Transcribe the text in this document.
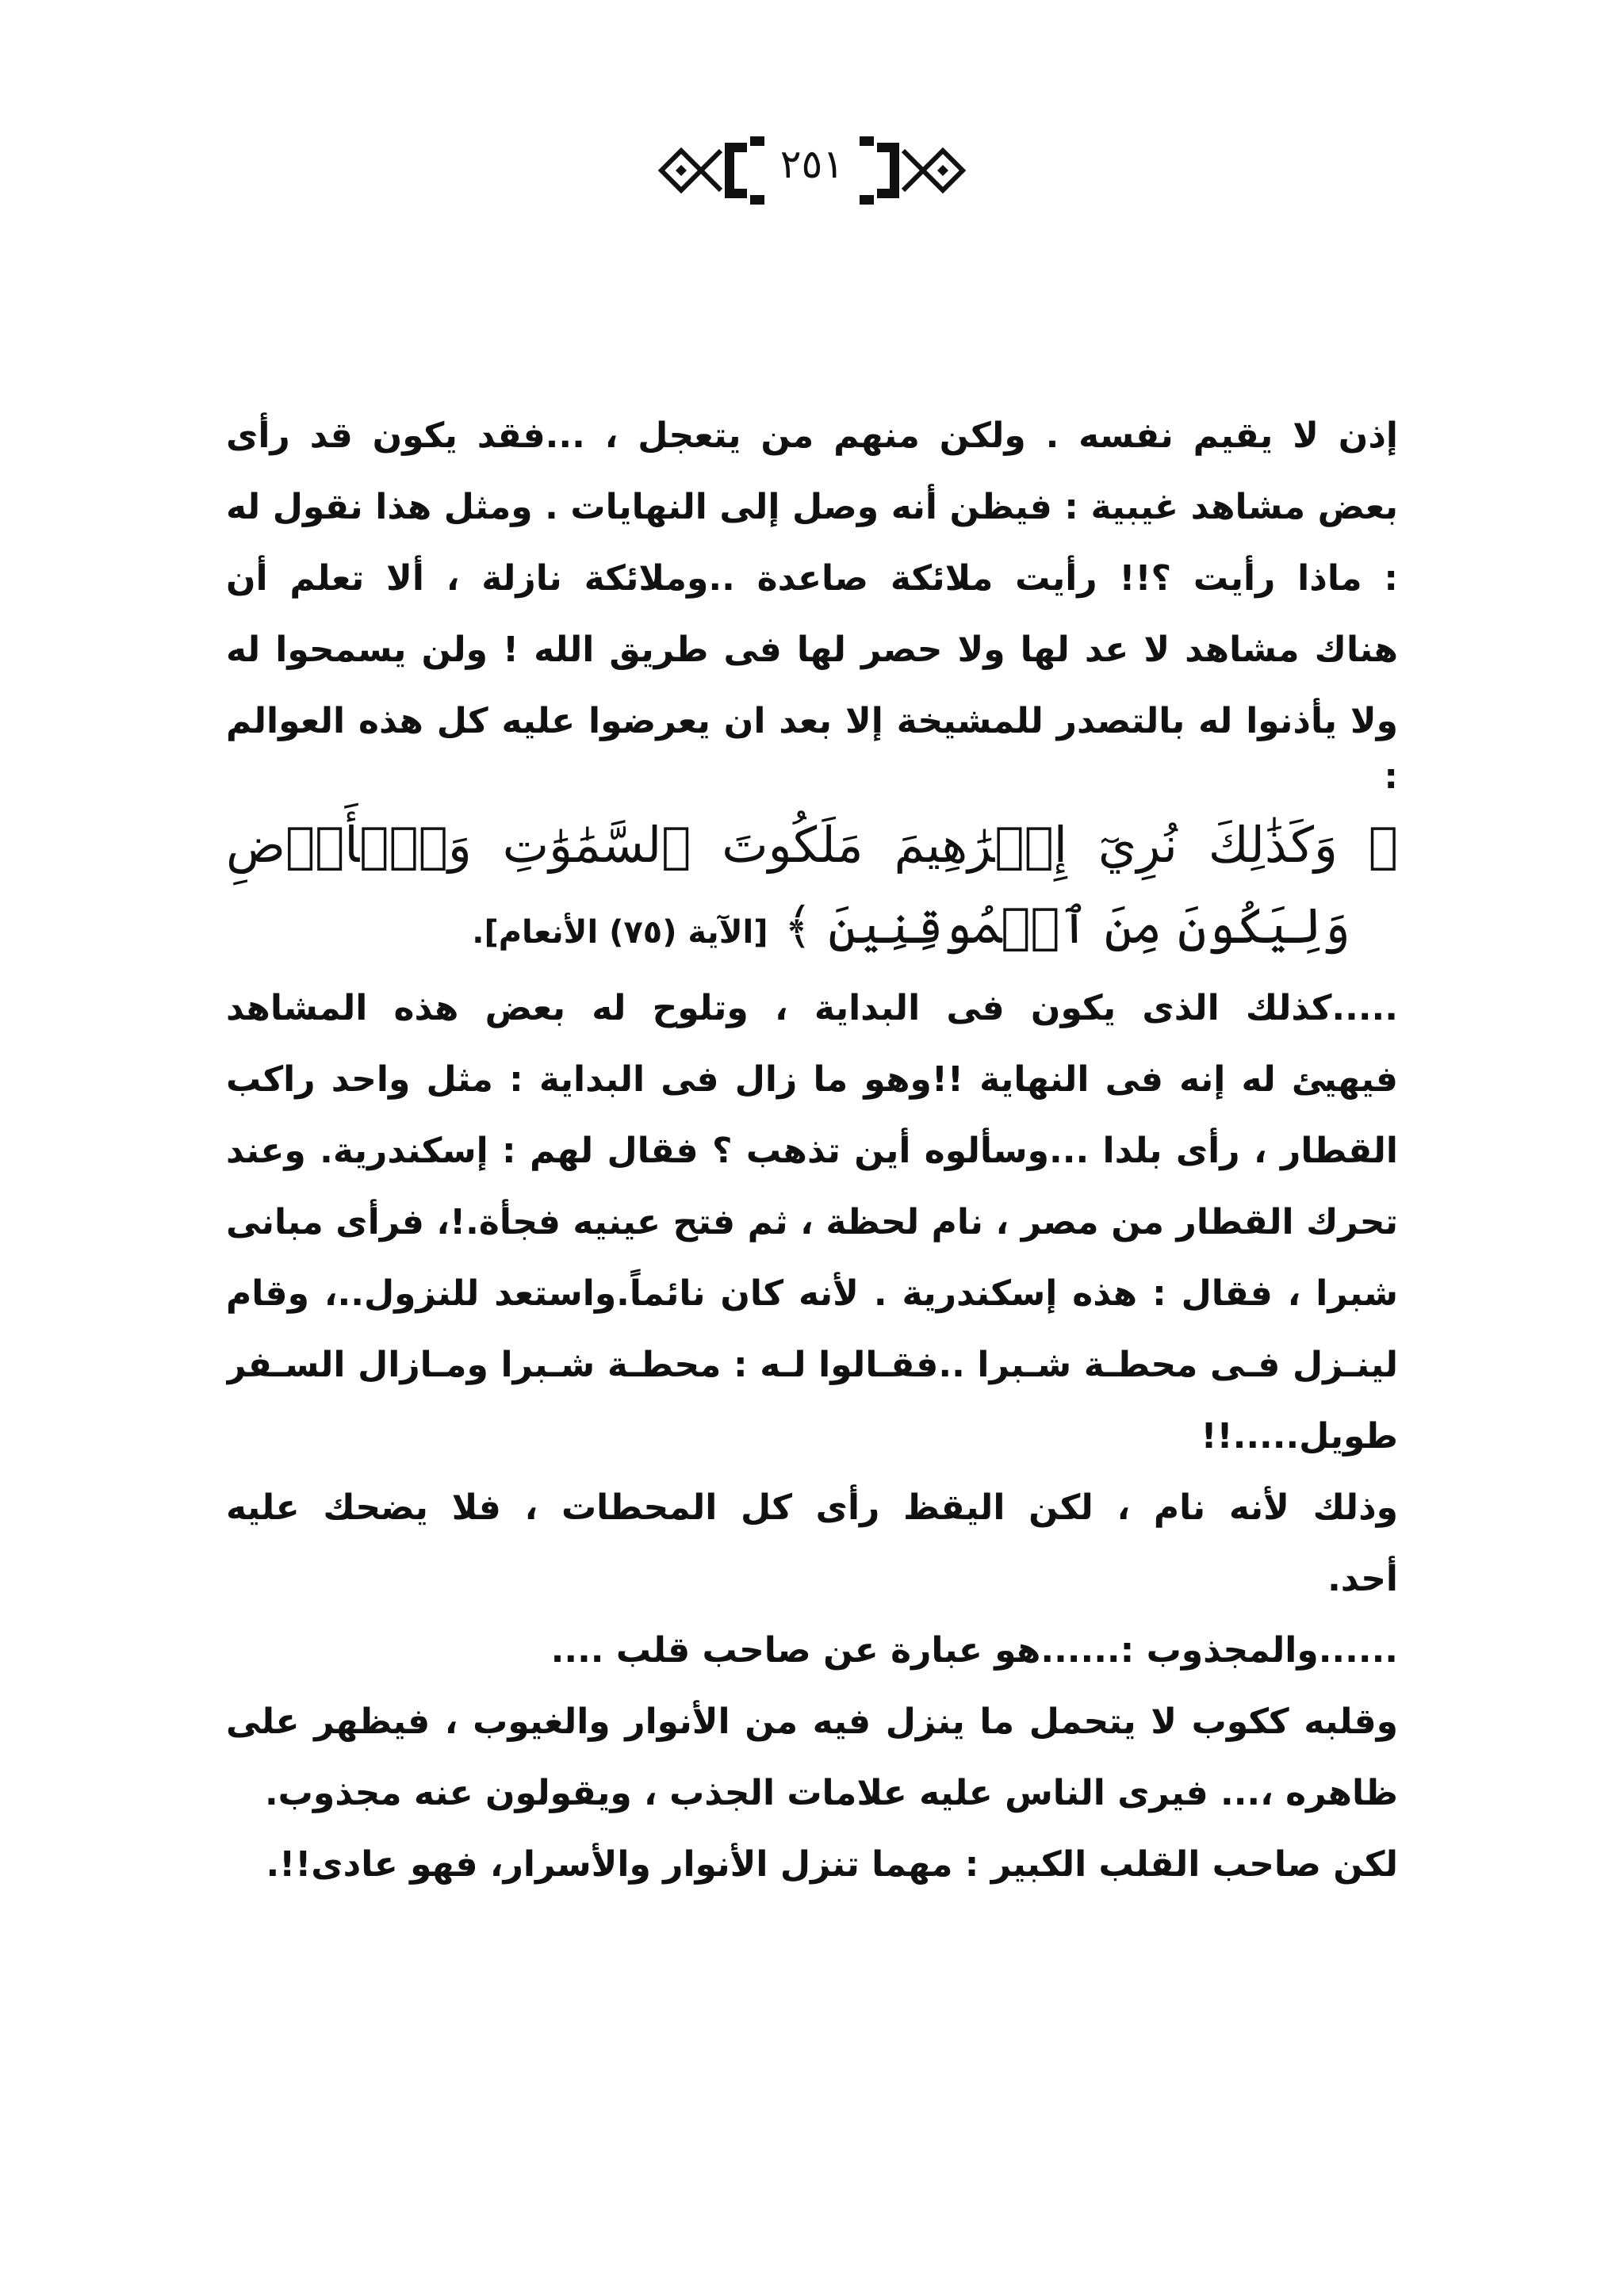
٢٥١
إذن لا يقيم نفسه . ولكن منهم من يتعجل ، ...فقد يكون قد رأى
بعض مشاهد غيبية : فيظن أنه وصل إلى النهايات . ومثل هذا نقول له
: ماذا رأيت ؟!! رأيت ملائكة صاعدة ..وملائكة نازلة ، ألا تعلم أن
هناك مشاهد لا عد لها ولا حصر لها فى طريق الله ! ولن يسمحوا له
ولا يأذنوا له بالتصدر للمشيخة إلا بعد ان يعرضوا عليه كل هذه العوالم
:
﴿ وَكَذَٰلِكَ نُرِيٓ إِبۡرَٰهِيمَ مَلَكُوتَ ٱلسَّمَٰوَٰتِ وَٱلۡأَرۡضِ
وَلِيَكُونَ مِنَ ٱلۡمُوقِنِينَ ﴾ [الآية (٧٥) الأنعام].
.....كذلك الذى يكون فى البداية ، وتلوح له بعض هذه المشاهد
فيهيئ له إنه فى النهاية !!وهو ما زال فى البداية : مثل واحد راكب
القطار ، رأى بلدا ...وسألوه أين تذهب ؟ فقال لهم : إسكندرية. وعند
تحرك القطار من مصر ، نام لحظة ، ثم فتح عينيه فجأة.!، فرأى مبانى
شبرا ، فقال : هذه إسكندرية . لأنه كان نائماً.واستعد للنزول..، وقام
لينـزل فـى محطـة شـبرا ..فقـالوا لـه : محطـة شـبرا ومـازال السـفر
طويل.....!!
وذلك لأنه نام ، لكن اليقظ رأى كل المحطات ، فلا يضحك عليه
أحد.
......والمجذوب :......هو عبارة عن صاحب قلب ....
وقلبه ككوب لا يتحمل ما ينزل فيه من الأنوار والغيوب ، فيظهر على
ظاهره ،... فيرى الناس عليه علامات الجذب ، ويقولون عنه مجذوب.
لكن صاحب القلب الكبير : مهما تنزل الأنوار والأسرار، فهو عادى!!.
